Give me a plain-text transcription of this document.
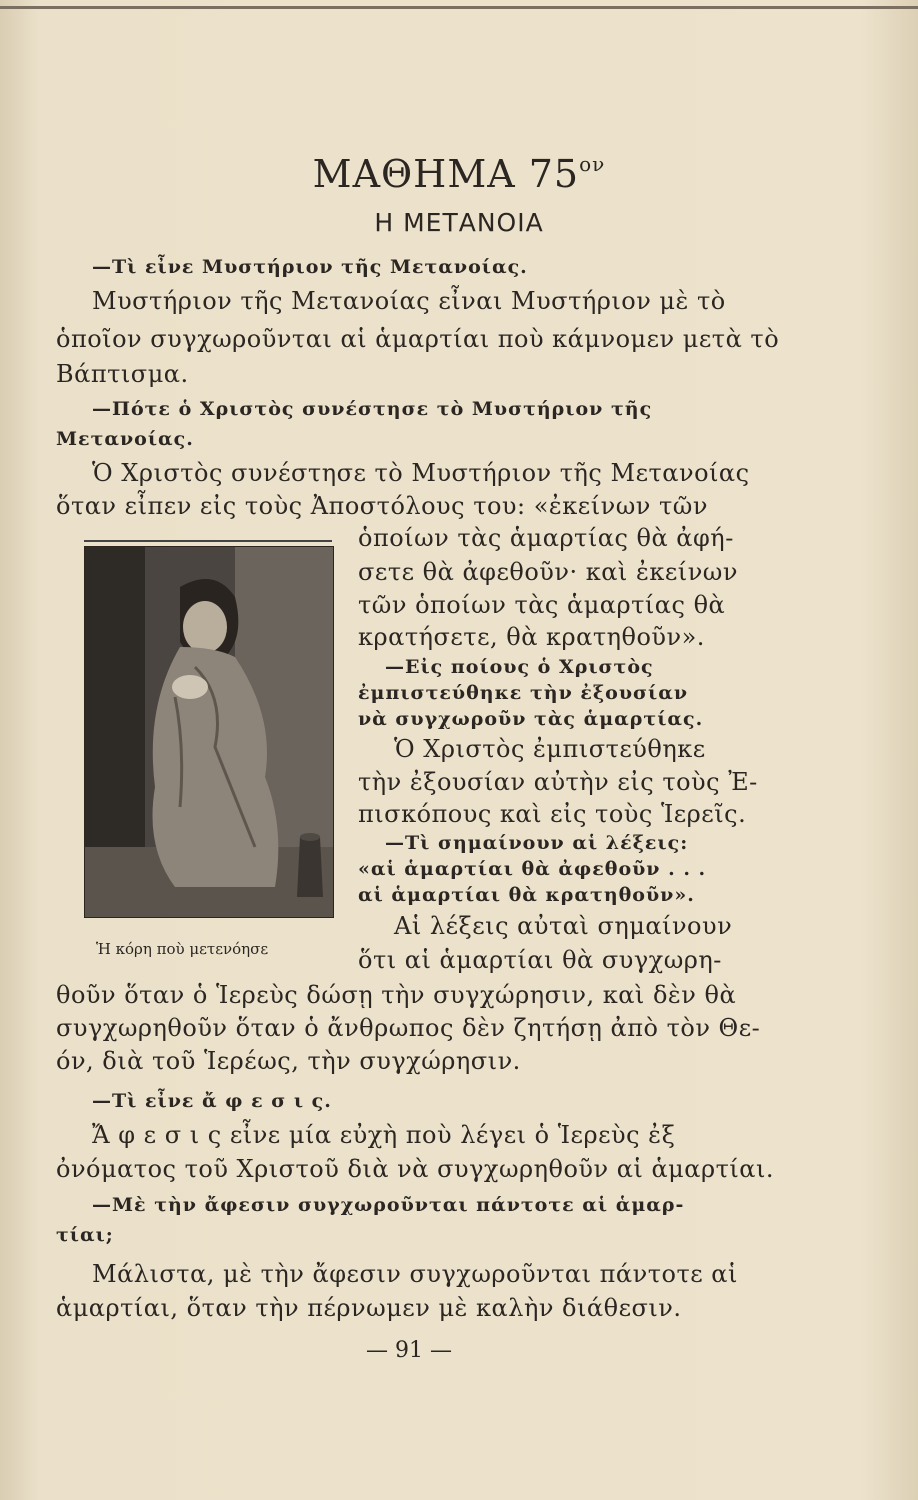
ΜΑΘΗΜΑ $75^{o\nu}$
Η ΜΕΤΑΝΟΙΑ
—Τὶ εἶνε Μυστήριον τῆς Μετανοίας.
Μυστήριον τῆς Μετανοίας εἶναι Μυστήριον μὲ τὸ
ὁποῖον συγχωροῦνται αἱ ἁμαρτίαι ποὺ κάμνομεν μετὰ τὸ
Βάπτισμα.
—Πότε ὁ Χριστὸς συνέστησε τὸ Μυστήριον τῆς
Μετανοίας.
Ὁ Χριστὸς συνέστησε τὸ Μυστήριον τῆς Μετανοίας
ὅταν εἶπεν εἰς τοὺς Ἀποστόλους του: «ἐκείνων τῶν
Ἡ κόρη ποὺ μετενόησε
ὁποίων τὰς ἁμαρτίας θὰ ἀφή-
σετε θὰ ἀφεθοῦν· καὶ ἐκείνων
τῶν ὁποίων τὰς ἁμαρτίας θὰ
κρατήσετε, θὰ κρατηθοῦν».
—Εἰς ποίους ὁ Χριστὸς
ἐμπιστεύθηκε τὴν ἐξουσίαν
νὰ συγχωροῦν τὰς ἁμαρτίας.
Ὁ Χριστὸς ἐμπιστεύθηκε
τὴν ἐξουσίαν αὐτὴν εἰς τοὺς Ἐ-
πισκόπους καὶ εἰς τοὺς Ἱερεῖς.
—Τὶ σημαίνουν αἱ λέξεις:
«αἱ ἁμαρτίαι θὰ ἀφεθοῦν . . .
αἱ ἁμαρτίαι θὰ κρατηθοῦν».
Αἱ λέξεις αὐταὶ σημαίνουν
ὅτι αἱ ἁμαρτίαι θὰ συγχωρη-
θοῦν ὅταν ὁ Ἱερεὺς δώσῃ τὴν συγχώρησιν, καὶ δὲν θὰ
συγχωρηθοῦν ὅταν ὁ ἄνθρωπος δὲν ζητήσῃ ἀπὸ τὸν Θε-
όν, διὰ τοῦ Ἱερέως, τὴν συγχώρησιν.
—Τὶ εἶνε ἄ φ ε σ ι ς.
Ἄ φ ε σ ι ς εἶνε μία εὐχὴ ποὺ λέγει ὁ Ἱερεὺς ἐξ
ὀνόματος τοῦ Χριστοῦ διὰ νὰ συγχωρηθοῦν αἱ ἁμαρτίαι.
—Μὲ τὴν ἄφεσιν συγχωροῦνται πάντοτε αἱ ἁμαρ-
τίαι;
Μάλιστα, μὲ τὴν ἄφεσιν συγχωροῦνται πάντοτε αἱ
ἁμαρτίαι, ὅταν τὴν πέρνωμεν μὲ καλὴν διάθεσιν.
— 91 —
